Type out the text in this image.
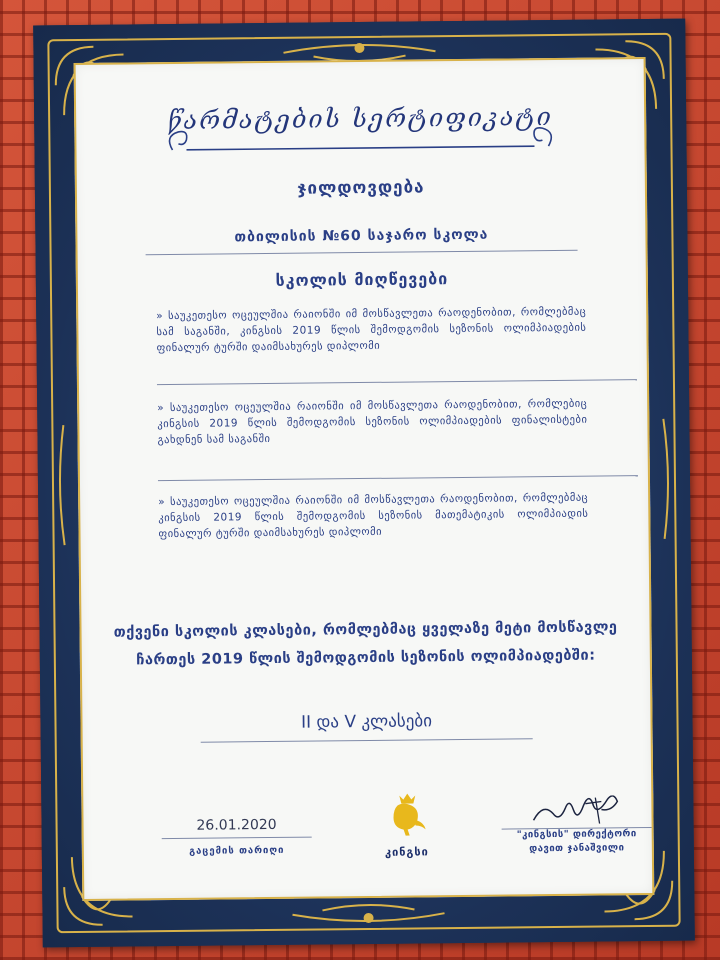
წარმატების სერტიფიკატი
ჯილდოვდება
თბილისის №60 საჯარო სკოლა
სკოლის მიღწევები
» საუკეთესო ოცეულშია რაიონში იმ მოსწავლეთა რაოდენობით, რომლებმაც სამ საგანში, კინგსის 2019 წლის შემოდგომის სეზონის ოლიმპიადების ფინალურ ტურში დაიმსახურეს დიპლომი
» საუკეთესო ოცეულშია რაიონში იმ მოსწავლეთა რაოდენობით, რომლებიც კინგსის 2019 წლის შემოდგომის სეზონის ოლიმპიადების ფინალისტები გახდნენ სამ საგანში
» საუკეთესო ოცეულშია რაიონში იმ მოსწავლეთა რაოდენობით, რომლებმაც კინგსის 2019 წლის შემოდგომის სეზონის მათემატიკის ოლიმპიადის ფინალურ ტურში დაიმსახურეს დიპლომი
თქვენი სკოლის კლასები, რომლებმაც ყველაზე მეტი მოსწავლე
ჩართეს 2019 წლის შემოდგომის სეზონის ოლიმპიადებში:
II და V კლასები
26.01.2020
გაცემის თარიღი	კინგსი
"კინგსის" დირექტორი
დავით ჯანაშვილი
